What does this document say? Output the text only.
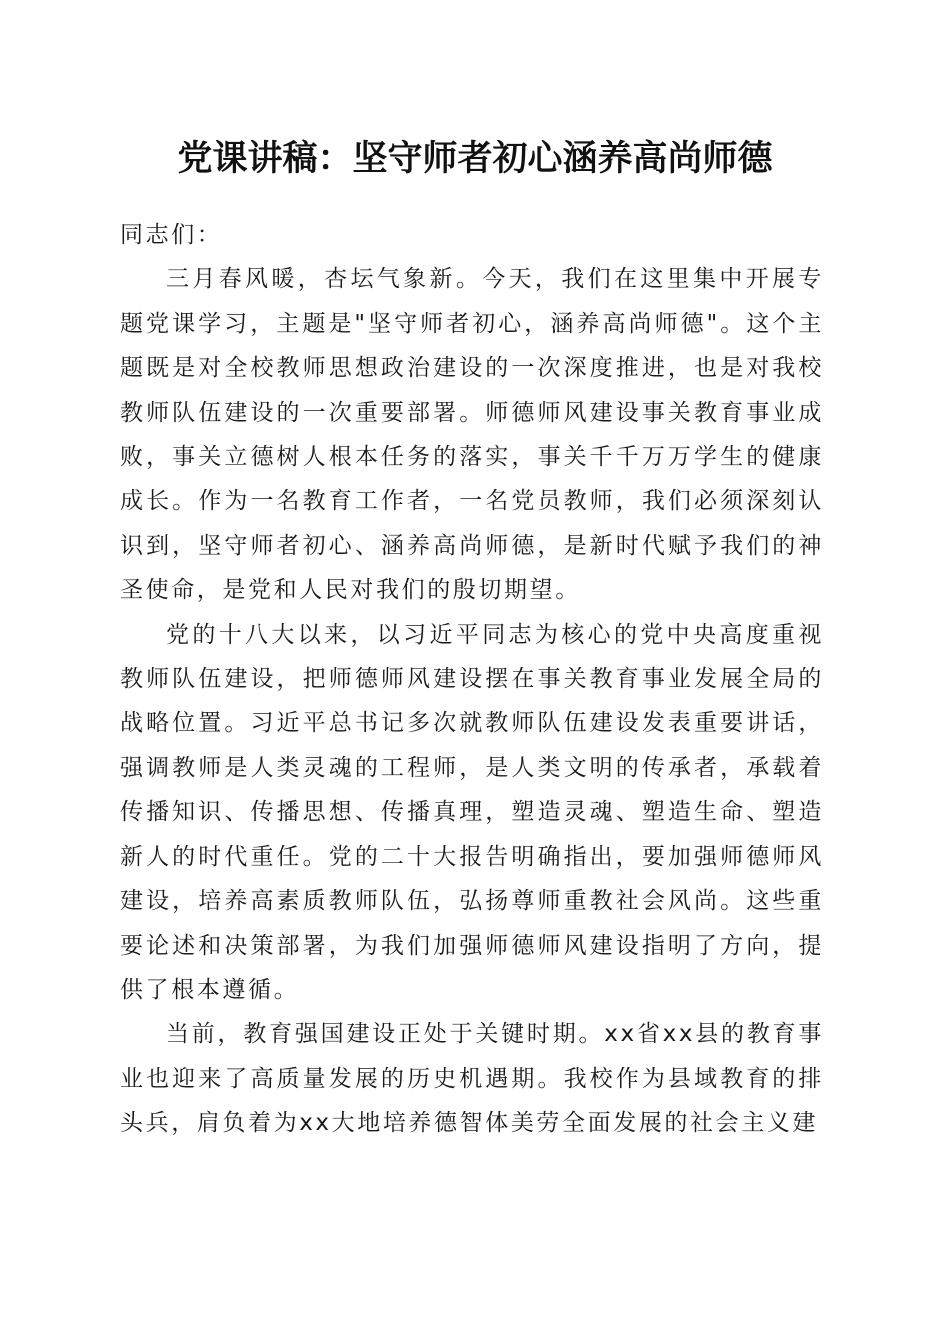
党课讲稿：坚守师者初心涵养高尚师德

同志们：

三月春风暖，杏坛气象新。今天，我们在这里集中开展专题党课学习，主题是"坚守师者初心，涵养高尚师德"。这个主题既是对全校教师思想政治建设的一次深度推进，也是对我校教师队伍建设的一次重要部署。师德师风建设事关教育事业成败，事关立德树人根本任务的落实，事关千千万万学生的健康成长。作为一名教育工作者，一名党员教师，我们必须深刻认识到，坚守师者初心、涵养高尚师德，是新时代赋予我们的神圣使命，是党和人民对我们的殷切期望。

党的十八大以来，以习近平同志为核心的党中央高度重视教师队伍建设，把师德师风建设摆在事关教育事业发展全局的战略位置。习近平总书记多次就教师队伍建设发表重要讲话，强调教师是人类灵魂的工程师，是人类文明的传承者，承载着传播知识、传播思想、传播真理，塑造灵魂、塑造生命、塑造新人的时代重任。党的二十大报告明确指出，要加强师德师风建设，培养高素质教师队伍，弘扬尊师重教社会风尚。这些重要论述和决策部署，为我们加强师德师风建设指明了方向，提供了根本遵循。

当前，教育强国建设正处于关键时期。xx省xx县的教育事业也迎来了高质量发展的历史机遇期。我校作为县域教育的排头兵，肩负着为xx大地培养德智体美劳全面发展的社会主义建
